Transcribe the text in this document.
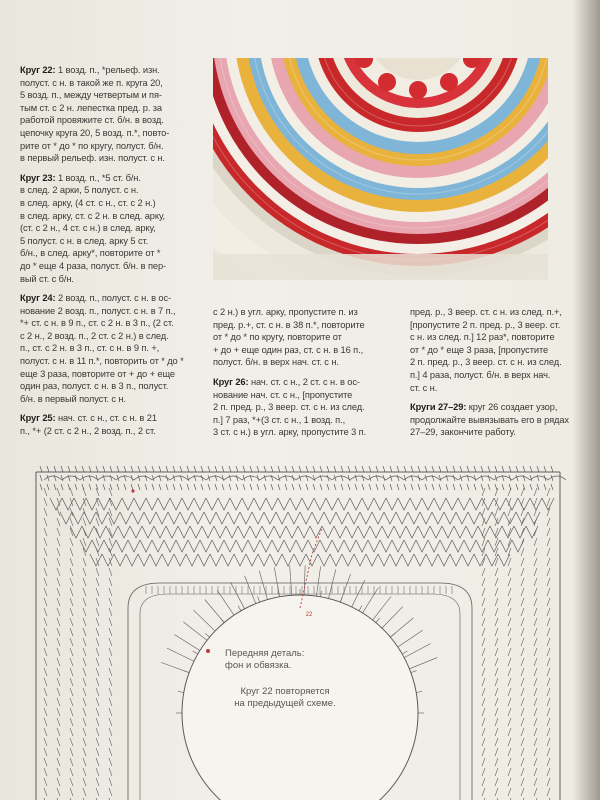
Круг 22: 1 возд. п., *рельеф. изн.
полуст. с н. в такой же п. круга 20,
5 возд. п., между четвертым и пя-
тым ст. с 2 н. лепестка пред. р. за
работой провяжите ст. б/н. в возд.
цепочку круга 20, 5 возд. п.*, повто-
рите от * до * по кругу, полуст. б/н.
в первый рельеф. изн. полуст. с н.

Круг 23: 1 возд. п., *5 ст. б/н.
в след. 2 арки, 5 полуст. с н.
в след. арку, (4 ст. с н., ст. с 2 н.)
в след. арку, ст. с 2 н. в след. арку,
(ст. с 2 н., 4 ст. с н.) в след. арку,
5 полуст. с н. в след. арку 5 ст.
б/н., в след. арку*, повторите от *
до * еще 4 раза, полуст. б/н. в пер-
вый ст. с б/н.

Круг 24: 2 возд. п., полуст. с н. в ос-
нование 2 возд. п., полуст. с н. в 7 п.,
*+ ст. с н. в 9 п., ст. с 2 н. в 3 п., (2 ст.
с 2 н., 2 возд. п., 2 ст. с 2 н.) в след.
п., ст. с 2 н. в 3 п., ст. с н. в 9 п. +,
полуст. с н. в 11 п.*, повторить от * до *
еще 3 раза, повторите от + до + еще
один раз, полуст. с н. в 3 п., полуст.
б/н. в первый полуст. с н.

Круг 25: нач. ст. с н., ст. с н. в 21
п., *+ (2 ст. с 2 н., 2 возд. п., 2 ст.

с 2 н.) в угл. арку, пропустите п. из
пред. р.+, ст. с н. в 38 п.*, повторите
от * до * по кругу, повторите от
+ до + еще один раз, ст. с н. в 16 п.,
полуст. б/н. в верх нач. ст. с н.

Круг 26: нач. ст. с н., 2 ст. с н. в ос-
нование нач. ст. с н., [пропустите
2 п. пред. р., 3 веер. ст. с н. из след.
п.] 7 раз, *+(3 ст. с н., 1 возд. п.,
3 ст. с н.) в угл. арку, пропустите 3 п.

пред. р., 3 веер. ст. с н. из след. п.+,
[пропустите 2 п. пред. р., 3 веер. ст.
с н. из след. п.] 12 раз*, повторите
от * до * еще 3 раза, [пропустите
2 п. пред. р., 3 веер. ст. с н. из след.
п.] 4 раза, полуст. б/н. в верх нач.
ст. с н.

Круги 27–29: круг 26 создает узор,
продолжайте вывязывать его в рядах
27–29, закончите работу.

Передняя деталь:
фон и обвязка.
Круг 22 повторяется
на предыдущей схеме.
22
